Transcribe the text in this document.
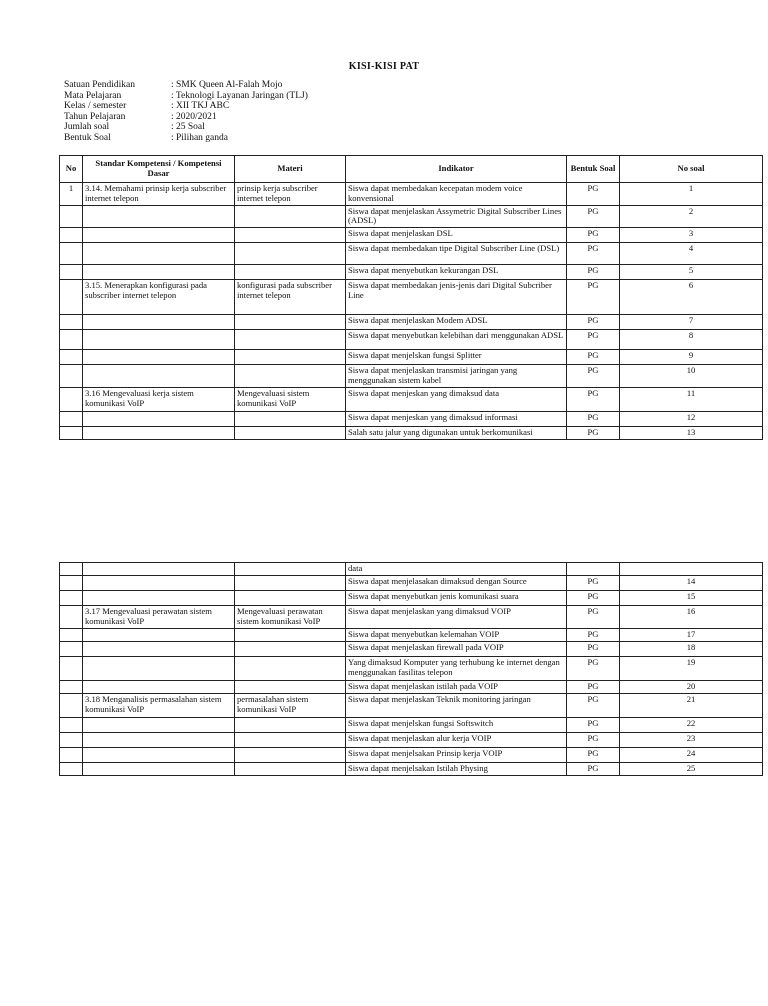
KISI-KISI PAT
Satuan Pendidikan	: SMK Queen Al-Falah Mojo
Mata Pelajaran	: Teknologi Layanan Jaringan (TLJ)
Kelas / semester	: XII TKJ ABC
Tahun Pelajaran	: 2020/2021
Jumlah soal	: 25 Soal
Bentuk Soal	: Pilihan ganda
No	Standar Kompetensi / Kompetensi Dasar	Materi	Indikator	Bentuk Soal	No soal
1	3.14. Memahami prinsip kerja subscriber internet telepon	prinsip kerja subscriber internet telepon	Siswa dapat membedakan kecepatan modem voice konvensional	PG	1
			Siswa dapat menjelaskan Assymetric Digital Subscriber Lines (ADSL)	PG	2
			Siswa dapat menjelaskan DSL	PG	3
			Siswa dapat membedakan tipe Digital Subscriber Line (DSL)	PG	4
			Siswa dapat menyebutkan kekurangan DSL	PG	5
	3.15. Menerapkan konfigurasi pada subscriber internet telepon	konfigurasi pada subscriber internet telepon	Siswa dapat membedakan jenis-jenis dari Digital Subcriber Line	PG	6
			Siswa dapat menjelaskan Modem ADSL	PG	7
			Siswa dapat menyebutkan kelebihan dari menggunakan ADSL	PG	8
			Siswa dapat menjelskan fungsi Splitter	PG	9
			Siswa dapat menjelaskan transmisi jaringan yang menggunakan sistem kabel	PG	10
	3.16 Mengevaluasi kerja sistem komunikasi VoIP	Mengevaluasi sistem komunikasi VoIP	Siswa dapat menjeskan yang dimaksud data	PG	11
			Siswa dapat menjeskan yang dimaksud informasi	PG	12
			Salah satu jalur yang digunakan untuk berkomunikasi	PG	13
			data		
			Siswa dapat menjelasakan dimaksud dengan Source	PG	14
			Siswa dapat menyebutkan jenis komunikasi suara	PG	15
	3.17 Mengevaluasi perawatan sistem komunikasi VoIP	Mengevaluasi perawatan sistem komunikasi VoIP	Siswa dapat menjelaskan yang dimaksud VOIP	PG	16
			Siswa dapat menyebutkan kelemahan VOIP	PG	17
			Siswa dapat menjelaskan firewall pada VOIP	PG	18
			Yang dimaksud Komputer yang terhubung ke internet dengan menggunakan fasilitas telepon	PG	19
			Siswa dapat menjelaskan istilah pada VOIP	PG	20
	3.18 Menganalisis permasalahan sistem komunikasi VoIP	permasalahan sistem komunikasi VoIP	Siswa dapat menjelaskan Teknik monitoring jaringan	PG	21
			Siswa dapat menjelskan fungsi Softswitch	PG	22
			Siswa dapat menjelaskan alur kerja VOIP	PG	23
			Siswa dapat menjelsakan Prinsip kerja VOIP	PG	24
			Siswa dapat menjelsakan Istilah Physing	PG	25
